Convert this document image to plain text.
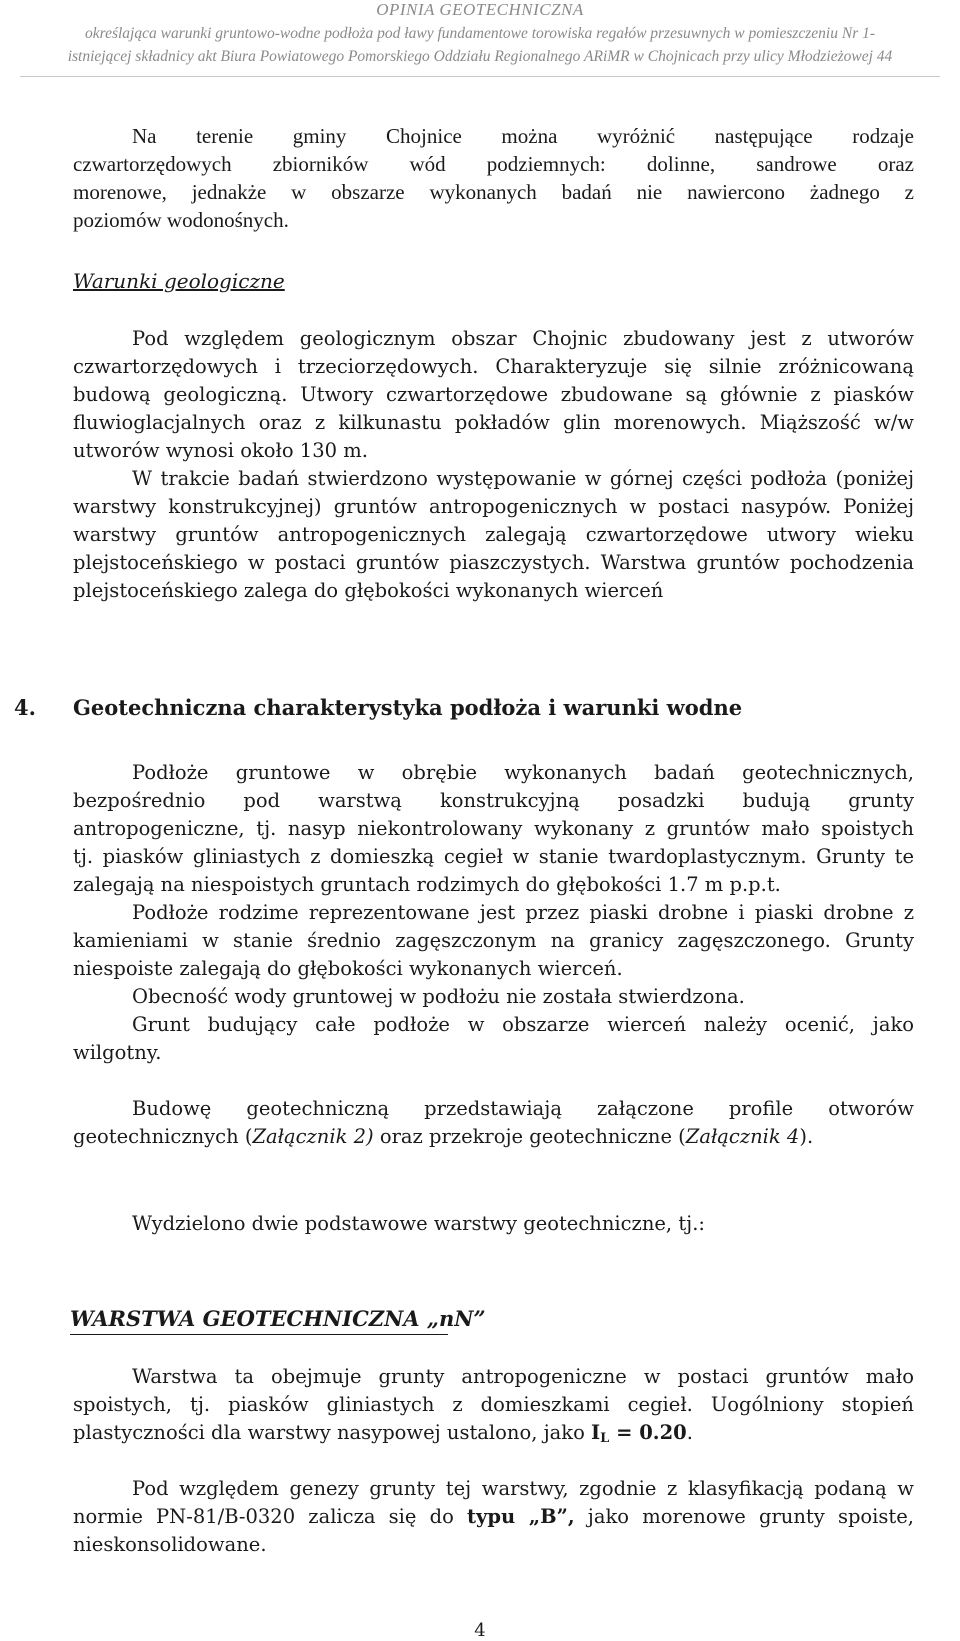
OPINIA GEOTECHNICZNA
określająca warunki gruntowo-wodne podłoża pod ławy fundamentowe torowiska regałów przesuwnych w pomieszczeniu Nr 1-
istniejącej składnicy akt Biura Powiatowego Pomorskiego Oddziału Regionalnego ARiMR w Chojnicach przy ulicy Młodzieżowej 44
Na terenie gminy Chojnice można wyróżnić następujące rodzaje
czwartorzędowych zbiorników wód podziemnych: dolinne, sandrowe oraz
morenowe, jednakże w obszarze wykonanych badań nie nawiercono żadnego z
poziomów wodonośnych.
Warunki geologiczne
Pod względem geologicznym obszar Chojnic zbudowany jest z utworów
czwartorzędowych i trzeciorzędowych. Charakteryzuje się silnie zróżnicowaną
budową geologiczną. Utwory czwartorzędowe zbudowane są głównie z piasków
fluwioglacjalnych oraz z kilkunastu pokładów glin morenowych. Miąższość w/w
utworów wynosi około 130 m.
W trakcie badań stwierdzono występowanie w górnej części podłoża (poniżej
warstwy konstrukcyjnej) gruntów antropogenicznych w postaci nasypów. Poniżej
warstwy gruntów antropogenicznych zalegają czwartorzędowe utwory wieku
plejstoceńskiego w postaci gruntów piaszczystych. Warstwa gruntów pochodzenia
plejstoceńskiego zalega do głębokości wykonanych wierceń
4. Geotechniczna charakterystyka podłoża i warunki wodne
Podłoże gruntowe w obrębie wykonanych badań geotechnicznych,
bezpośrednio pod warstwą konstrukcyjną posadzki budują grunty
antropogeniczne, tj. nasyp niekontrolowany wykonany z gruntów mało spoistych
tj. piasków gliniastych z domieszką cegieł w stanie twardoplastycznym. Grunty te
zalegają na niespoistych gruntach rodzimych do głębokości 1.7 m p.p.t.
Podłoże rodzime reprezentowane jest przez piaski drobne i piaski drobne z
kamieniami w stanie średnio zagęszczonym na granicy zagęszczonego. Grunty
niespoiste zalegają do głębokości wykonanych wierceń.
Obecność wody gruntowej w podłożu nie została stwierdzona.
Grunt budujący całe podłoże w obszarze wierceń należy ocenić, jako
wilgotny.
Budowę geotechniczną przedstawiają załączone profile otworów
geotechnicznych (Załącznik 2) oraz przekroje geotechniczne (Załącznik 4).
Wydzielono dwie podstawowe warstwy geotechniczne, tj.:
WARSTWA GEOTECHNICZNA „nN”
Warstwa ta obejmuje grunty antropogeniczne w postaci gruntów mało
spoistych, tj. piasków gliniastych z domieszkami cegieł. Uogólniony stopień
plastyczności dla warstwy nasypowej ustalono, jako $I_L = 0.20$.
Pod względem genezy grunty tej warstwy, zgodnie z klasyfikacją podaną w
normie PN-81/B-0320 zalicza się do typu „B”, jako morenowe grunty spoiste,
nieskonsolidowane.
4
